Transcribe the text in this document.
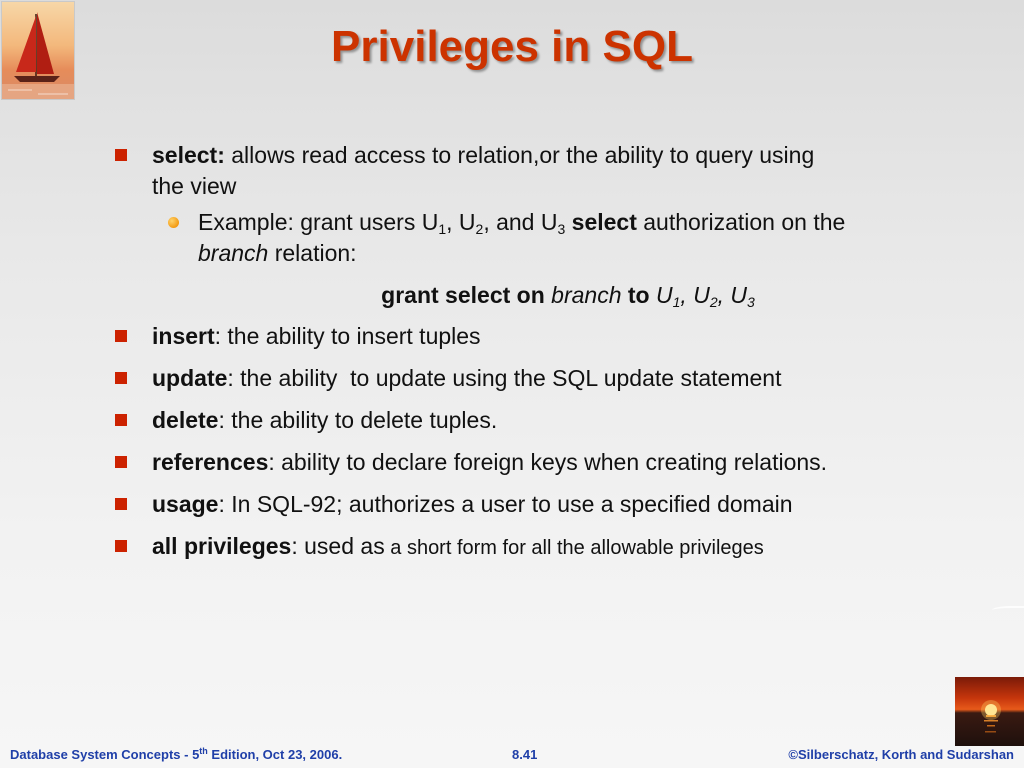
Privileges in SQL
select: allows read access to relation,or the ability to query using
the view
Example: grant users $U_1$, $U_2$, and $U_3$ select authorization on the
branch relation:
grant select on branch to $U_1$, $U_2$, $U_3$
insert: the ability to insert tuples
update: the ability  to update using the SQL update statement
delete: the ability to delete tuples.
references: ability to declare foreign keys when creating relations.
usage: In SQL-92; authorizes a user to use a specified domain
all privileges: used as a short form for all the allowable privileges
Database System Concepts - 5th Edition, Oct 23, 2006.	8.41	©Silberschatz, Korth and Sudarshan
